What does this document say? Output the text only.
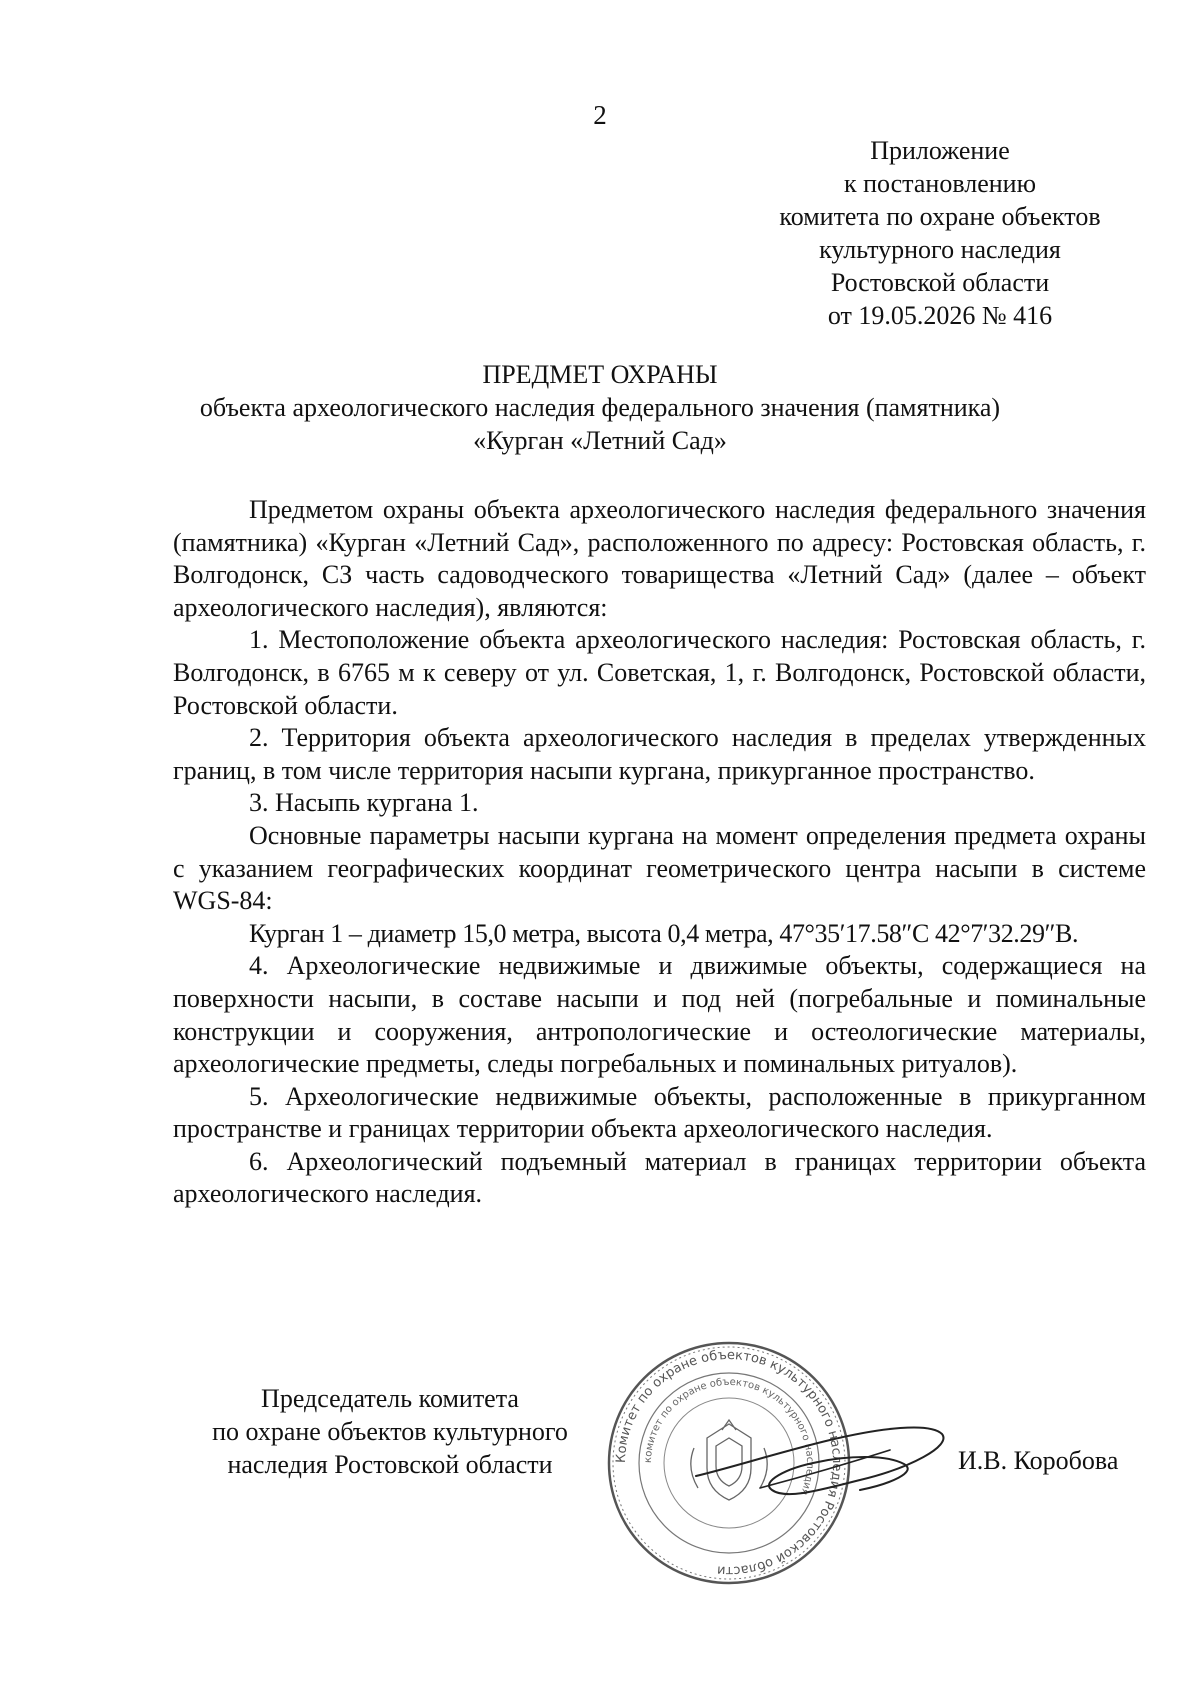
2
Приложение
к постановлению
комитета по охране объектов
культурного наследия
Ростовской области
от 19.05.2026 № 416
ПРЕДМЕТ ОХРАНЫ
объекта археологического наследия федерального значения (памятника)
«Курган «Летний Сад»

Предметом охраны объекта археологического наследия федерального значения (памятника) «Курган «Летний Сад», расположенного по адресу: Ростовская область, г. Волгодонск, СЗ часть садоводческого товарищества «Летний Сад» (далее – объект археологического наследия), являются:

1. Местоположение объекта археологического наследия: Ростовская область, г. Волгодонск, в 6765 м к северу от ул. Советская, 1, г. Волгодонск, Ростовской области, Ростовской области.

2. Территория объекта археологического наследия в пределах утвержденных границ, в том числе территория насыпи кургана, прикурганное пространство.

3. Насыпь кургана 1.

Основные параметры насыпи кургана на момент определения предмета охраны с указанием географических координат геометрического центра насыпи в системе WGS-84:

Курган 1 – диаметр 15,0 метра, высота 0,4 метра, 47°35′17.58″С 42°7′32.29″В.

4. Археологические недвижимые и движимые объекты, содержащиеся на поверхности насыпи, в составе насыпи и под ней (погребальные и поминальные конструкции и сооружения, антропологические и остеологические материалы, археологические предметы, следы погребальных и поминальных ритуалов).

5. Археологические недвижимые объекты, расположенные в прикурганном пространстве и границах территории объекта археологического наследия.

6. Археологический подъемный материал в границах территории объекта археологического наследия.

Председатель комитета
по охране объектов культурного
наследия Ростовской области	Комитет по охране объектов культурного наследия Ростовской области
комитет по охране объектов культурного наследия
И.В. Коробова
